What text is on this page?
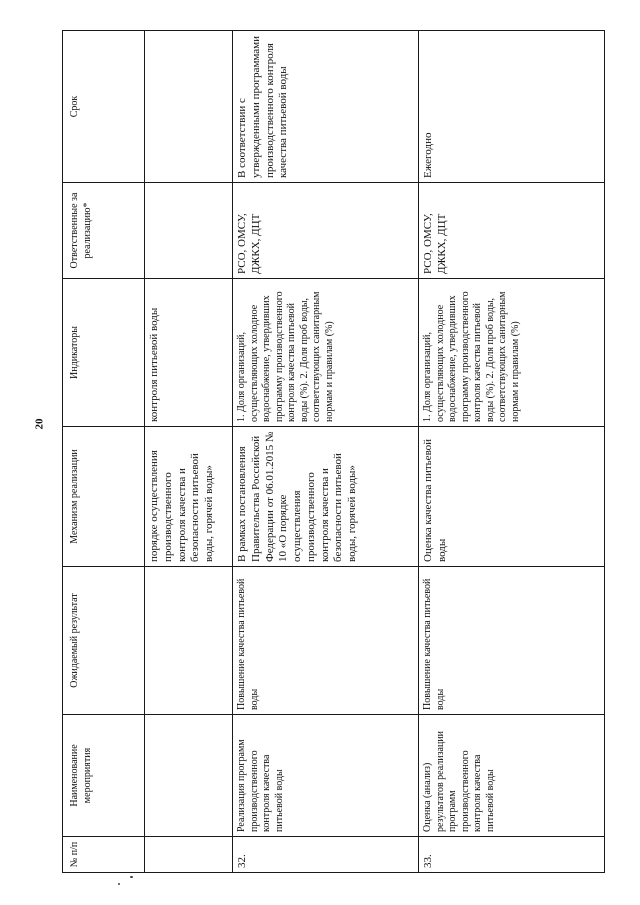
20
№ п/п	Наименование мероприятия	Ожидаемый результат	Механизм реализации	Индикаторы	Ответственные за реализацию*	Срок
			порядке осуществления производственного контроля качества и безопасности питьевой воды, горячей воды»	контроля питьевой воды		
32.	Реализация программ производственного контроля качества питьевой воды	Повышение качества питьевой воды	В рамках постановления Правительства Российской Федерации от 06.01.2015 № 10 «О порядке осуществления производственного контроля качества и безопасности питьевой воды, горячей воды»	1. Доля организаций, осуществляющих холодное водоснабжение, утвердивших программу производственного контроля качества питьевой воды (%). 2. Доля проб воды, соответствующих санитарным нормам и правилам (%)	РСО, ОМСУ, ДЖКХ, ДЦТ	В соответствии с утвержденными программами производственного контроля качества питьевой воды
33.	Оценка (анализ) результатов реализации программ производственного контроля качества питьевой воды	Повышение качества питьевой воды	Оценка качества питьевой воды	1. Доля организаций, осуществляющих холодное водоснабжение, утвердивших программу производственного контроля качества питьевой воды (%). 2. Доля проб воды, соответствующих санитарным нормам и правилам (%)	РСО, ОМСУ, ДЖКХ, ДЦТ	Ежегодно
